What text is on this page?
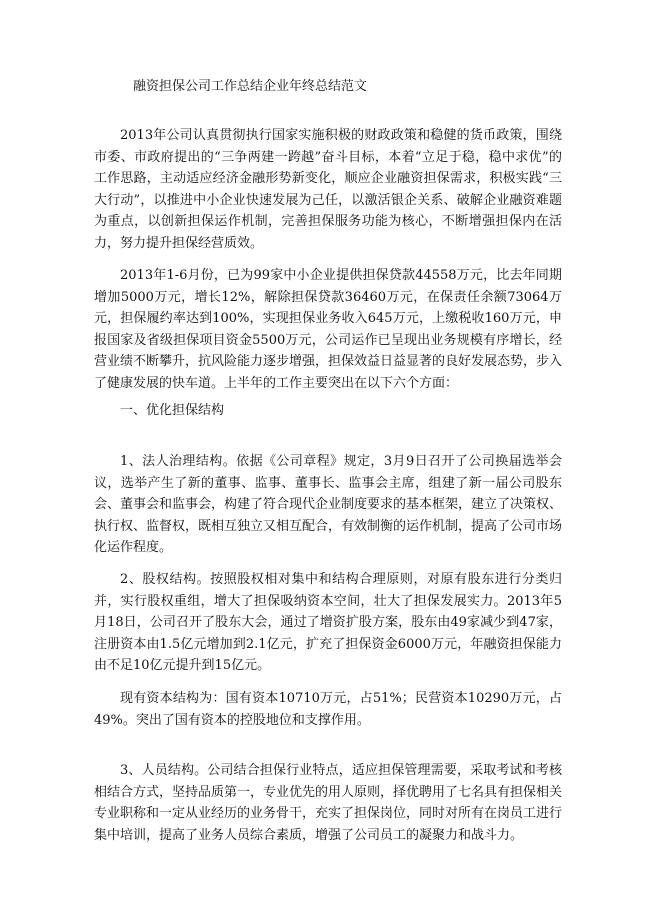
融资担保公司工作总结企业年终总结范文

2013年公司认真贯彻执行国家实施积极的财政政策和稳健的货币政策，围绕市委、市政府提出的“三争两建一跨越”奋斗目标，本着“立足于稳，稳中求优”的工作思路，主动适应经济金融形势新变化，顺应企业融资担保需求，积极实践“三大行动”，以推进中小企业快速发展为己任，以激活银企关系、破解企业融资难题为重点，以创新担保运作机制，完善担保服务功能为核心，不断增强担保内在活力，努力提升担保经营质效。

2013年1-6月份，已为99家中小企业提供担保贷款44558万元，比去年同期增加5000万元，增长12%，解除担保贷款36460万元，在保责任余额73064万元，担保履约率达到100%，实现担保业务收入645万元，上缴税收160万元，申报国家及省级担保项目资金5500万元，公司运作已呈现出业务规模有序增长，经营业绩不断攀升，抗风险能力逐步增强，担保效益日益显著的良好发展态势，步入了健康发展的快车道。上半年的工作主要突出在以下六个方面：

一、优化担保结构

1、法人治理结构。依据《公司章程》规定，3月9日召开了公司换届选举会议，选举产生了新的董事、监事、董事长、监事会主席，组建了新一届公司股东会、董事会和监事会，构建了符合现代企业制度要求的基本框架，建立了决策权、执行权、监督权，既相互独立又相互配合，有效制衡的运作机制，提高了公司市场化运作程度。

2、股权结构。按照股权相对集中和结构合理原则，对原有股东进行分类归并，实行股权重组，增大了担保吸纳资本空间，壮大了担保发展实力。2013年5月18日，公司召开了股东大会，通过了增资扩股方案，股东由49家减少到47家，注册资本由1.5亿元增加到2.1亿元，扩充了担保资金6000万元，年融资担保能力由不足10亿元提升到15亿元。

现有资本结构为：国有资本10710万元，占51%；民营资本10290万元，占49%。突出了国有资本的控股地位和支撑作用。

3、人员结构。公司结合担保行业特点，适应担保管理需要，采取考试和考核相结合方式，坚持品质第一，专业优先的用人原则，择优聘用了七名具有担保相关专业职称和一定从业经历的业务骨干，充实了担保岗位，同时对所有在岗员工进行集中培训，提高了业务人员综合素质，增强了公司员工的凝聚力和战斗力。
